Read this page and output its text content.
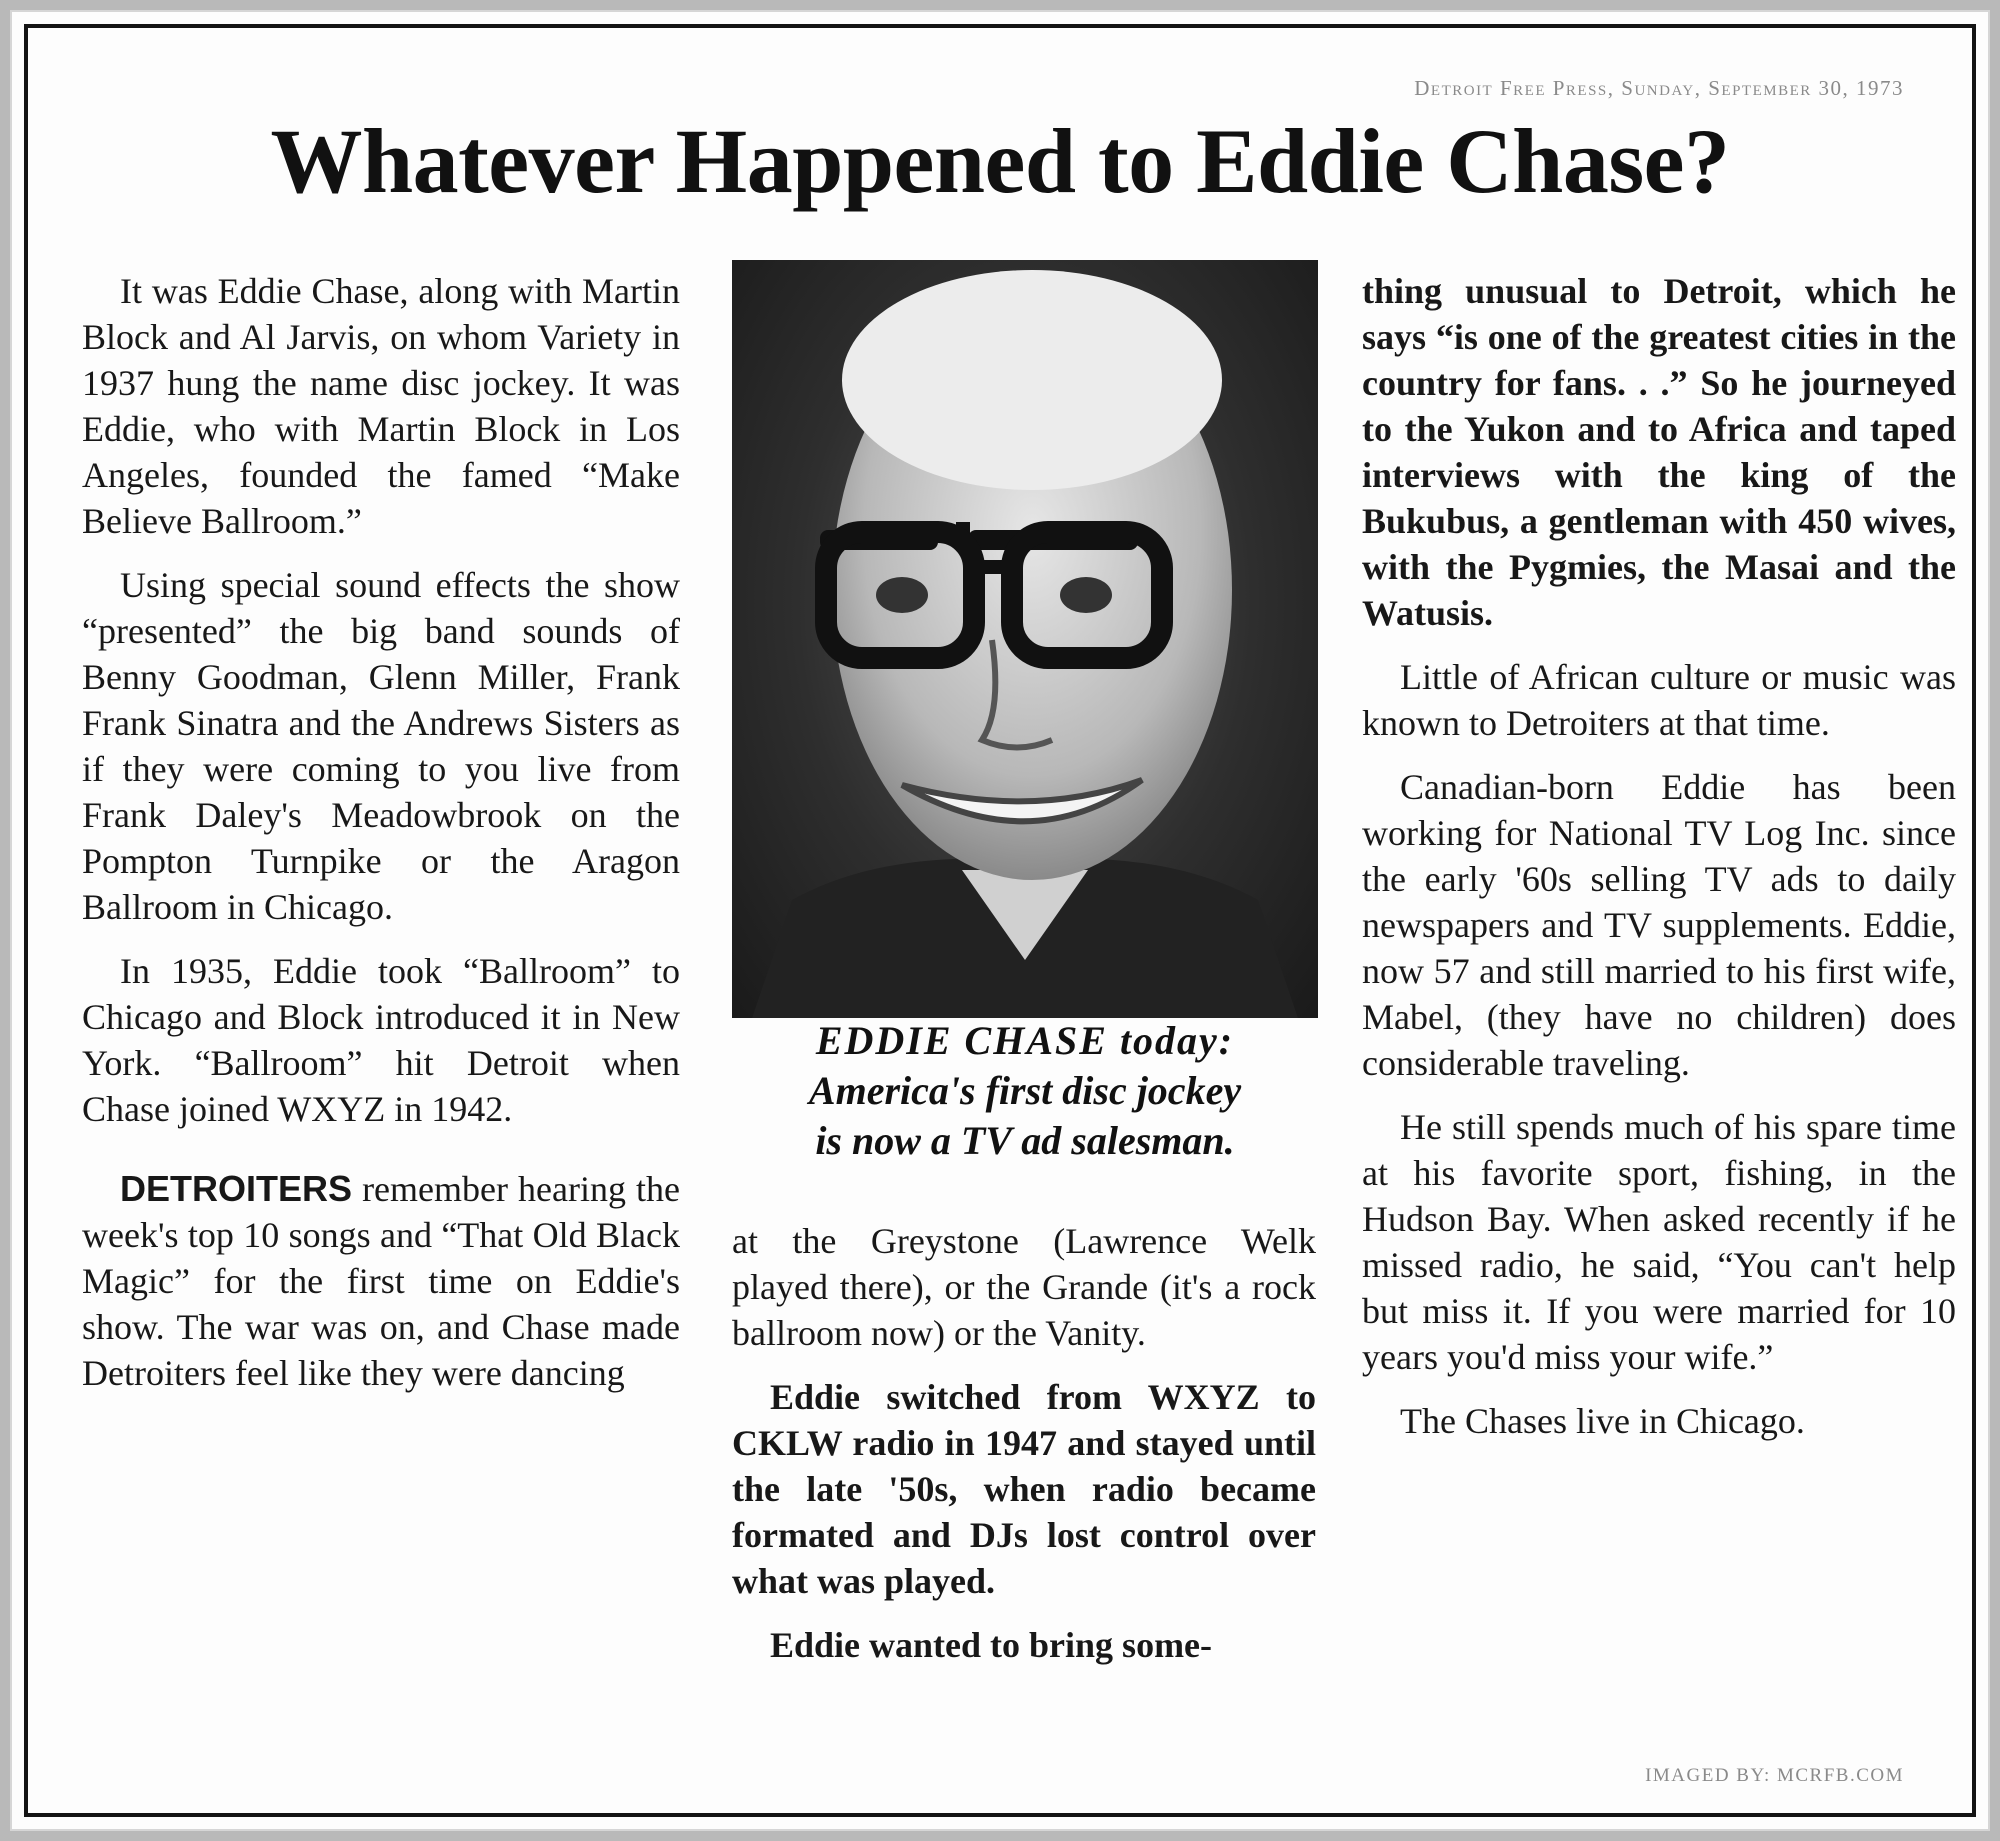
Detroit Free Press, Sunday, September 30, 1973
Whatever Happened to Eddie Chase?

It was Eddie Chase, along with Martin Block and Al Jarvis, on whom Variety in 1937 hung the name disc jockey. It was Eddie, who with Martin Block in Los Angeles, founded the famed “Make Believe Ballroom.”

Using special sound effects the show “presented” the big band sounds of Benny Goodman, Glenn Miller, Frank Frank Sinatra and the Andrews Sisters as if they were coming to you live from Frank Daley's Meadowbrook on the Pompton Turnpike or the Aragon Ballroom in Chicago.

In 1935, Eddie took “Ballroom” to Chicago and Block introduced it in New York. “Ballroom” hit Detroit when Chase joined WXYZ in 1942.

DETROITERS remember hearing the week's top 10 songs and “That Old Black Magic” for the first time on Eddie's show. The war was on, and Chase made Detroiters feel like they were dancing

EDDIE CHASE today:
America's first disc jockey
is now a TV ad salesman.

at the Greystone (Lawrence Welk played there), or the Grande (it's a rock ballroom now) or the Vanity.

Eddie switched from WXYZ to CKLW radio in 1947 and stayed until the late '50s, when radio became formated and DJs lost control over what was played.

Eddie wanted to bring some-

thing unusual to Detroit, which he says “is one of the greatest cities in the country for fans. . .” So he journeyed to the Yukon and to Africa and taped interviews with the king of the Bukubus, a gentleman with 450 wives, with the Pygmies, the Masai and the Watusis.

Little of African culture or music was known to Detroiters at that time.

Canadian-born Eddie has been working for National TV Log Inc. since the early '60s selling TV ads to daily newspapers and TV supplements. Eddie, now 57 and still married to his first wife, Mabel, (they have no children) does considerable traveling.

He still spends much of his spare time at his favorite sport, fishing, in the Hudson Bay. When asked recently if he missed radio, he said, “You can't help but miss it. If you were married for 10 years you'd miss your wife.”

The Chases live in Chicago.

IMAGED BY: MCRFB.COM
